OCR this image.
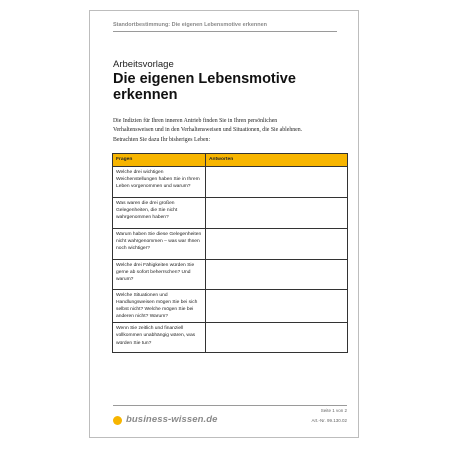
Standortbestimmung: Die eigenen Lebensmotive erkennen
Arbeitsvorlage
Die eigenen Lebensmotive erkennen
Die Indizien für Ihren inneren Antrieb finden Sie in Ihren persönlichen Verhaltensweisen und in den Verhaltensweisen und Situationen, die Sie ablehnen. Betrachten Sie dazu Ihr bisheriges Leben:
Fragen	Antworten
Welche drei wichtigen Weichenstellungen haben Sie in Ihrem Leben vorgenommen und warum?	
Was waren die drei großen Gelegenheiten, die Sie nicht wahrgenommen haben?	
Warum haben Sie diese Gelegenheiten nicht wahrgenommen – was war Ihnen noch wichtiger?	
Welche drei Fähigkeiten würden Sie gerne ab sofort beherrschen? Und warum?	
Welche Situationen und Handlungsweisen mögen Sie bei sich selbst nicht? Welche mögen Sie bei anderen nicht? Warum?	
Wenn Sie zeitlich und finanziell vollkommen unabhängig wären, was würden Sie tun?	
business-wissen.de
Seite 1 von 2
Art.-Nr. 99.130.02
